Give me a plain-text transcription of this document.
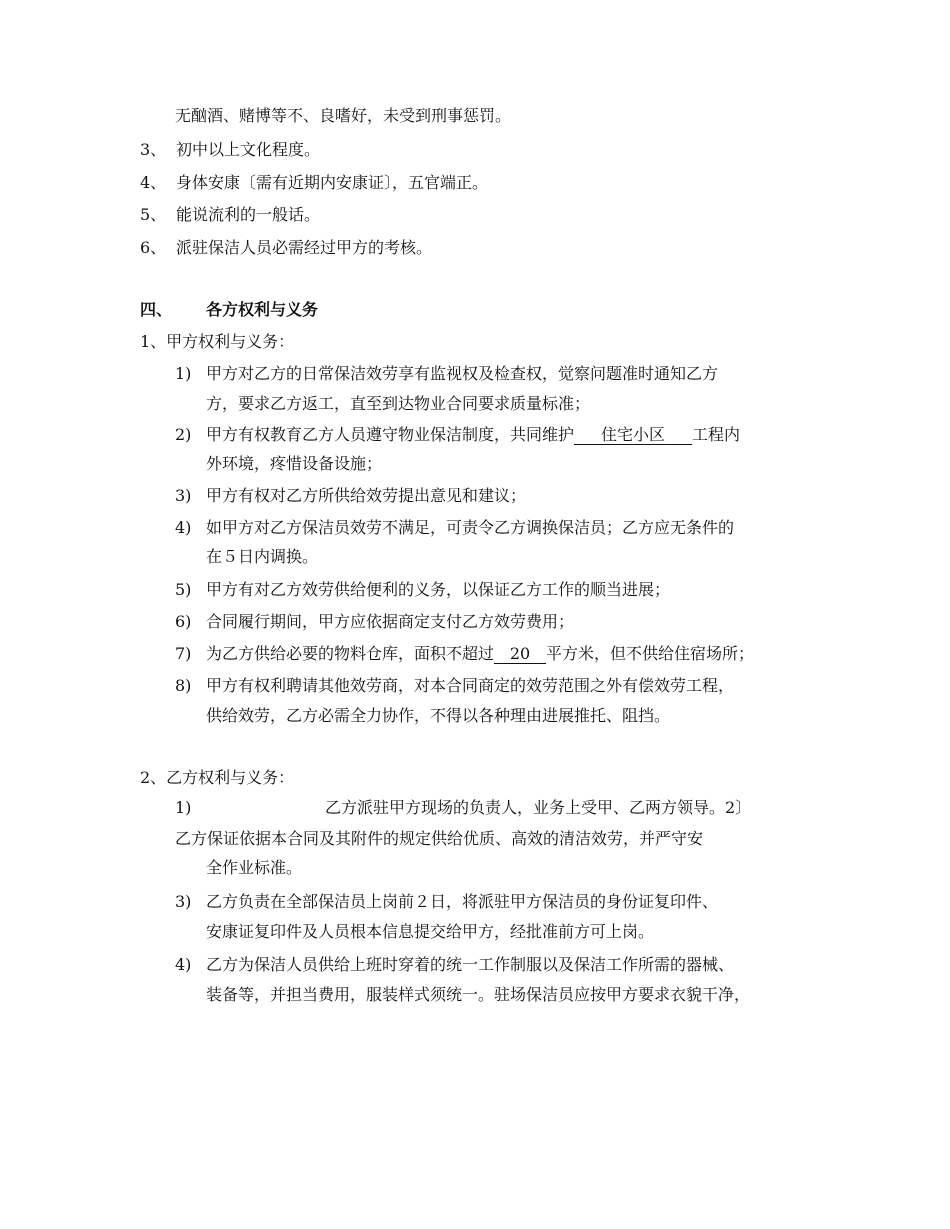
无酗酒、赌博等不、良嗜好，未受到刑事惩罚。
3、 初中以上文化程度。
4、 身体安康〔需有近期内安康证〕，五官端正。
5、 能说流利的一般话。
6、 派驻保洁人员必需经过甲方的考核。
四、 各方权利与义务
1、甲方权利与义务：
1) 甲方对乙方的日常保洁效劳享有监视权及检查权，觉察问题准时通知乙方
方，要求乙方返工，直至到达物业合同要求质量标准；
2) 甲方有权教育乙方人员遵守物业保洁制度，共同维护 住宅小区 工程内
外环境，疼惜设备设施；
3) 甲方有权对乙方所供给效劳提出意见和建议；
4) 如甲方对乙方保洁员效劳不满足，可责令乙方调换保洁员；乙方应无条件的
在５日内调换。
5) 甲方有对乙方效劳供给便利的义务，以保证乙方工作的顺当进展；
6) 合同履行期间，甲方应依据商定支付乙方效劳费用；
7) 为乙方供给必要的物料仓库，面积不超过 20 平方米，但不供给住宿场所；
8) 甲方有权利聘请其他效劳商，对本合同商定的效劳范围之外有偿效劳工程，
供给效劳，乙方必需全力协作，不得以各种理由进展推托、阻挡。
2、乙方权利与义务：
1)	乙方派驻甲方现场的负责人，业务上受甲、乙两方领导。2〕
乙方保证依据本合同及其附件的规定供给优质、高效的清洁效劳，并严守安
全作业标准。
3) 乙方负责在全部保洁员上岗前２日，将派驻甲方保洁员的身份证复印件、
安康证复印件及人员根本信息提交给甲方，经批准前方可上岗。
4) 乙方为保洁人员供给上班时穿着的统一工作制服以及保洁工作所需的器械、
装备等，并担当费用，服装样式须统一。驻场保洁员应按甲方要求衣貌干净，
